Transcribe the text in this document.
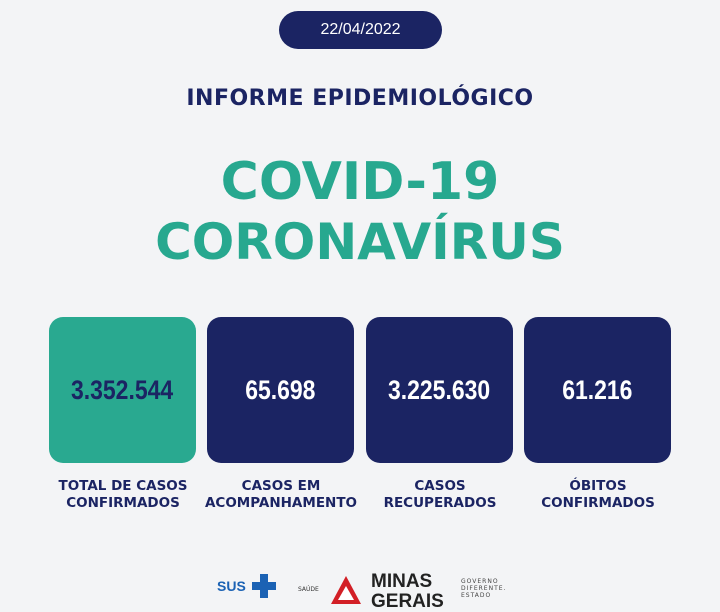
22/04/2022
INFORME EPIDEMIOLÓGICO
COVID-19
CORONAVÍRUS
3.352.544	65.698	3.225.630	61.216
TOTAL DE CASOS
CONFIRMADOS
CASOS EM
ACOMPANHAMENTO
CASOS
RECUPERADOS
ÓBITOS
CONFIRMADOS
SUS	SAÚDE	MINAS
GERAIS
GOVERNO
DIFERENTE.
ESTADO
